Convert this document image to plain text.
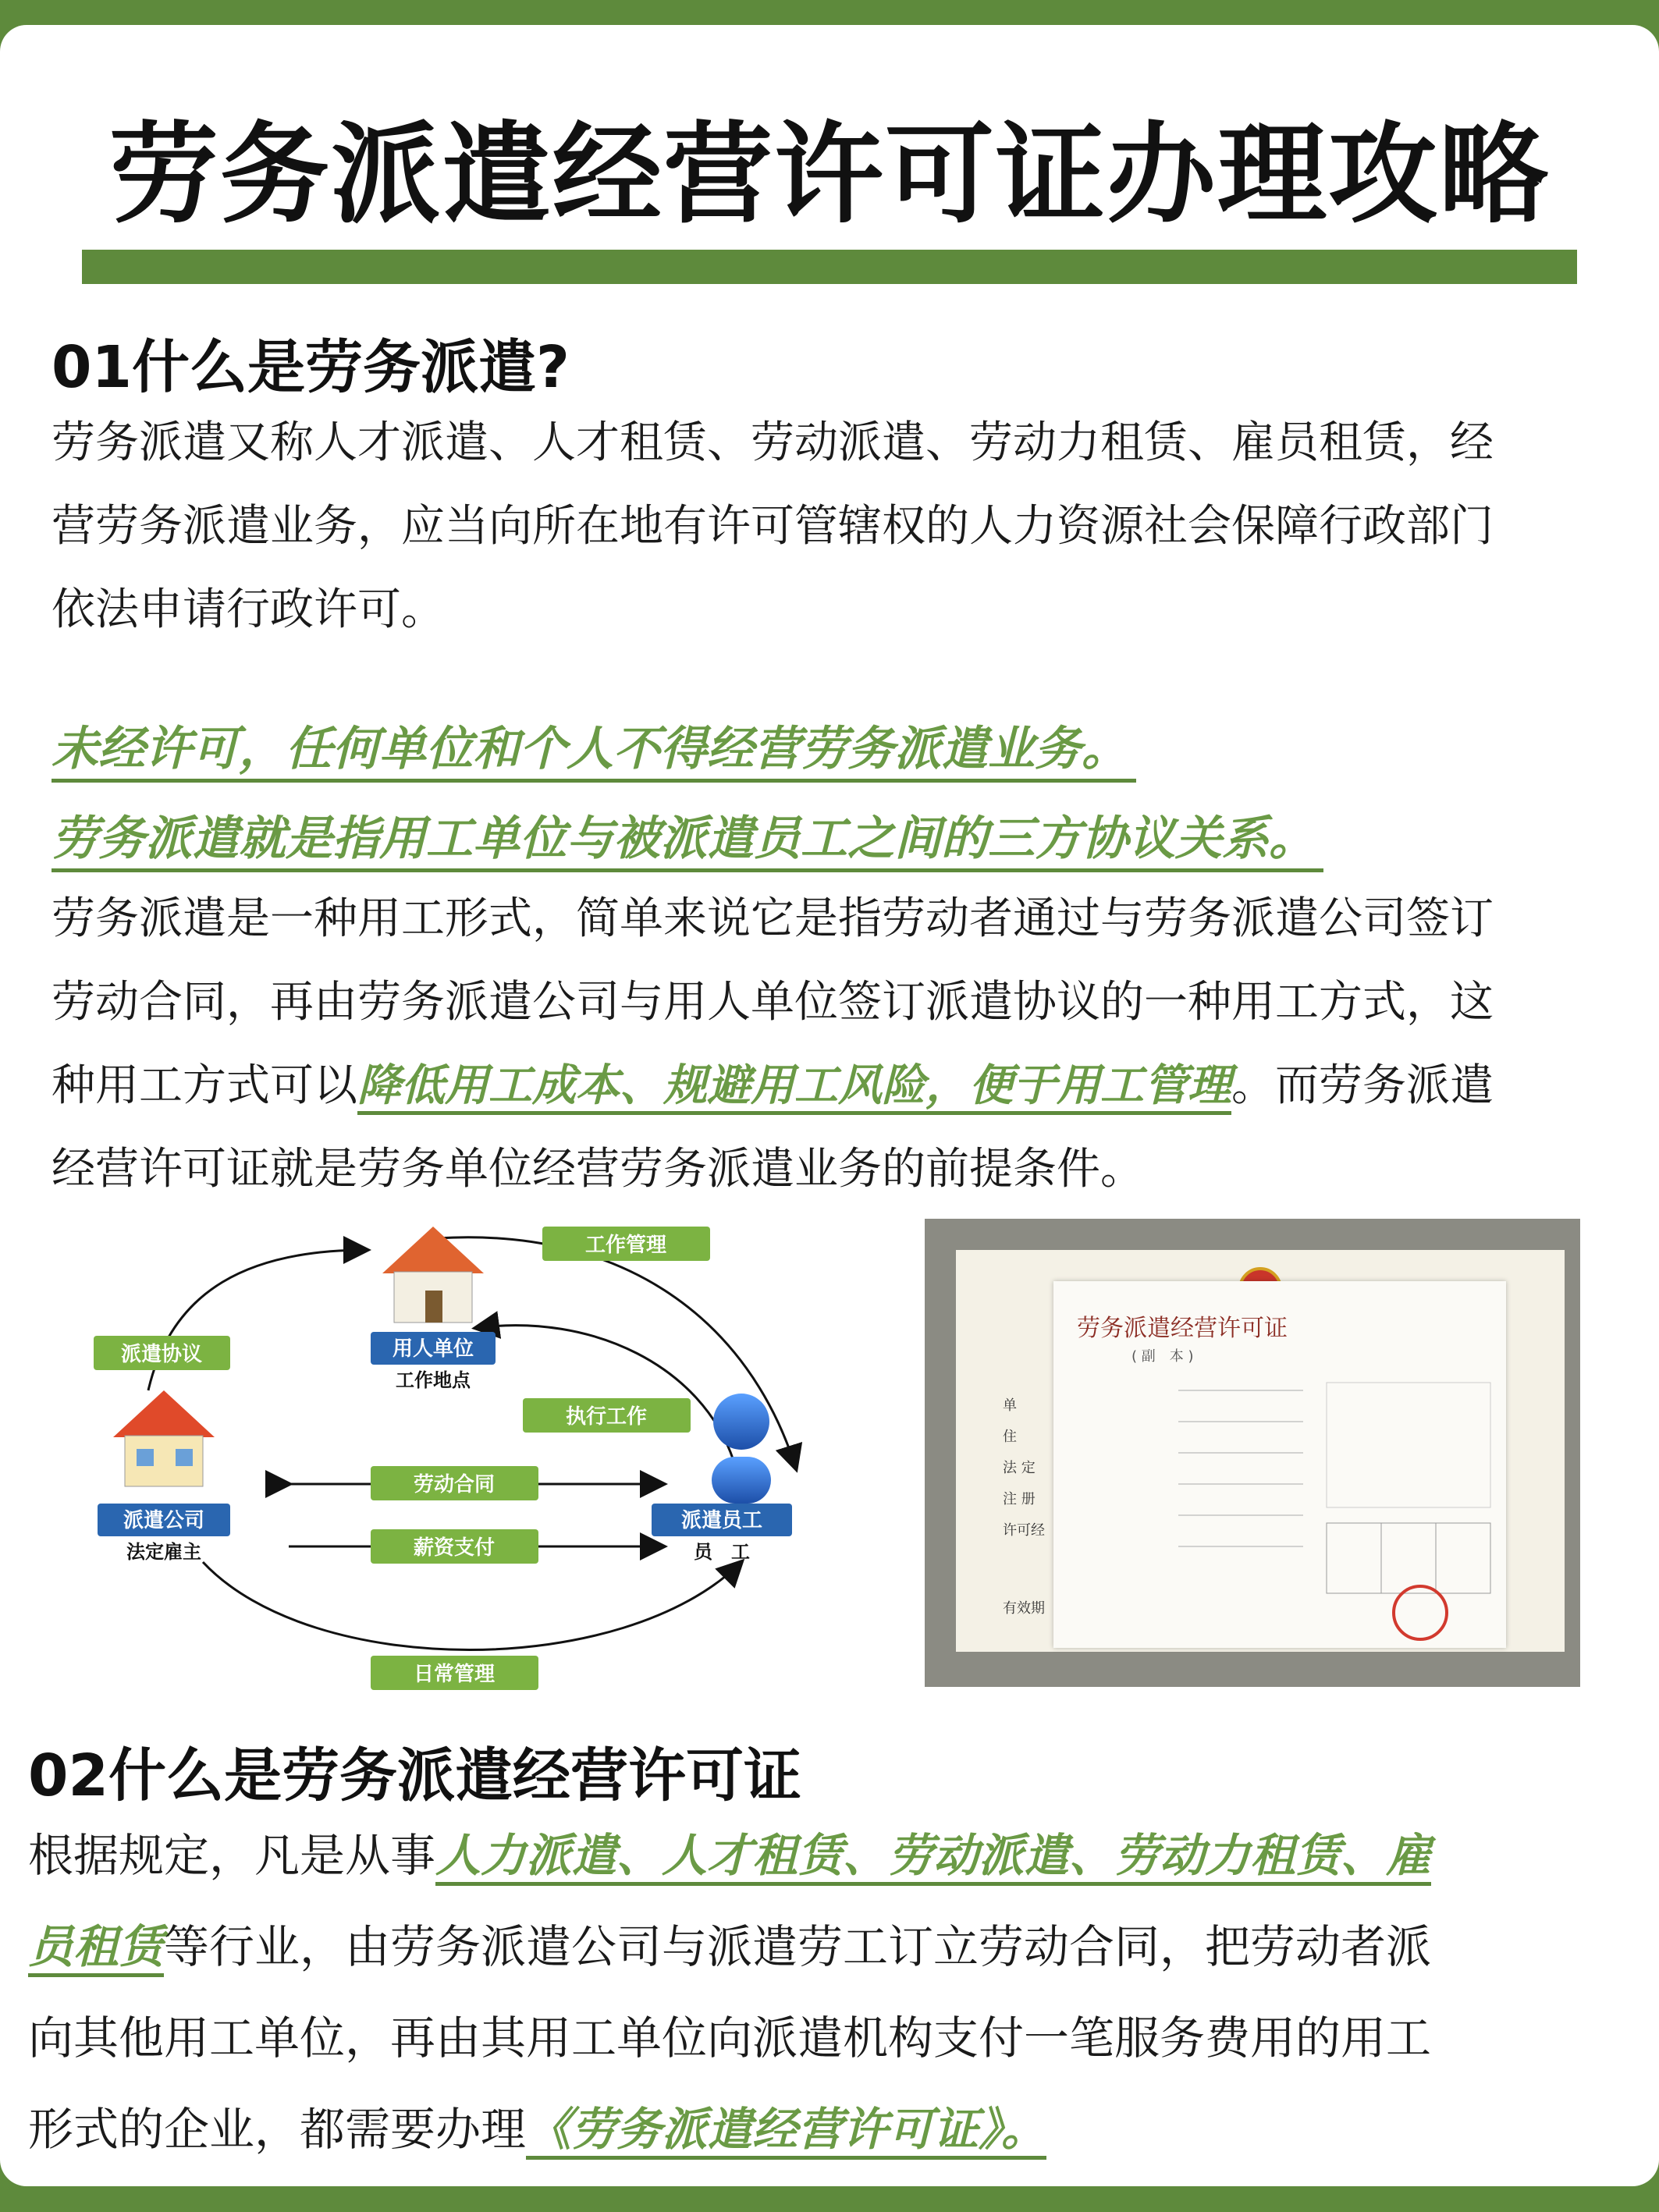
劳务派遣经营许可证办理攻略
01什么是劳务派遣?

劳务派遣又称人才派遣、人才租赁、劳动派遣、劳动力租赁、雇员租赁，经

营劳务派遣业务，应当向所在地有许可管辖权的人力资源社会保障行政部门

依法申请行政许可。

未经许可，任何单位和个人不得经营劳务派遣业务。
劳务派遣就是指用工单位与被派遣员工之间的三方协议关系。

劳务派遣是一种用工形式，简单来说它是指劳动者通过与劳务派遣公司签订

劳动合同，再由劳务派遣公司与用人单位签订派遣协议的一种用工方式，这

种用工方式可以降低用工成本、规避用工风险，便于用工管理。而劳务派遣

经营许可证就是劳务单位经营劳务派遣业务的前提条件。

用人单位
工作地点
派遣公司
法定雇主
派遣员工
员　工
派遣协议
工作管理
执行工作
劳动合同
薪资支付
日常管理
单
住
法 定
注 册
许可经
有效期
劳务派遣经营许可证
( 副　本 )
02什么是劳务派遣经营许可证

根据规定，凡是从事人力派遣、人才租赁、劳动派遣、劳动力租赁、雇

员租赁等行业，由劳务派遣公司与派遣劳工订立劳动合同，把劳动者派

向其他用工单位，再由其用工单位向派遣机构支付一笔服务费用的用工

形式的企业，都需要办理《劳务派遣经营许可证》。
